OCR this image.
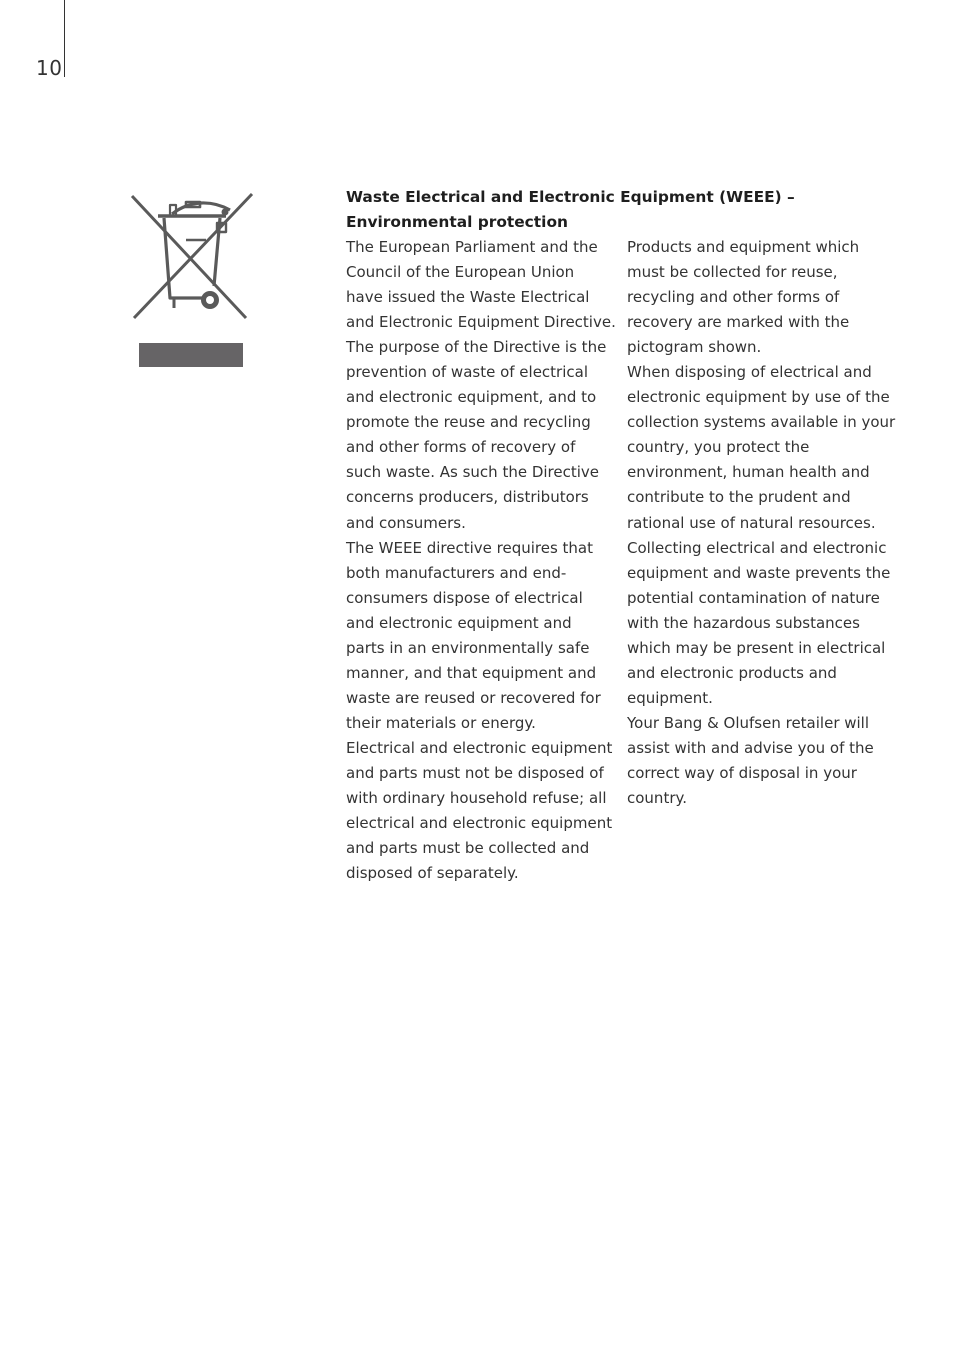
10
Waste Electrical and Electronic Equipment (WEEE) –
Environmental protection

The European Parliament and the
Council of the European Union
have issued the Waste Electrical
and Electronic Equipment Directive.

The purpose of the Directive is the
prevention of waste of electrical
and electronic equipment, and to
promote the reuse and recycling
and other forms of recovery of
such waste. As such the Directive
concerns producers, distributors
and consumers.

The WEEE directive requires that
both manufacturers and end-
consumers dispose of electrical
and electronic equipment and
parts in an environmentally safe
manner, and that equipment and
waste are reused or recovered for
their materials or energy.

Electrical and electronic equipment
and parts must not be disposed of
with ordinary household refuse; all
electrical and electronic equipment
and parts must be collected and
disposed of separately.

Products and equipment which
must be collected for reuse,
recycling and other forms of
recovery are marked with the
pictogram shown.

When disposing of electrical and
electronic equipment by use of the
collection systems available in your
country, you protect the
environment, human health and
contribute to the prudent and
rational use of natural resources.

Collecting electrical and electronic
equipment and waste prevents the
potential contamination of nature
with the hazardous substances
which may be present in electrical
and electronic products and
equipment.

Your Bang & Olufsen retailer will
assist with and advise you of the
correct way of disposal in your
country.
